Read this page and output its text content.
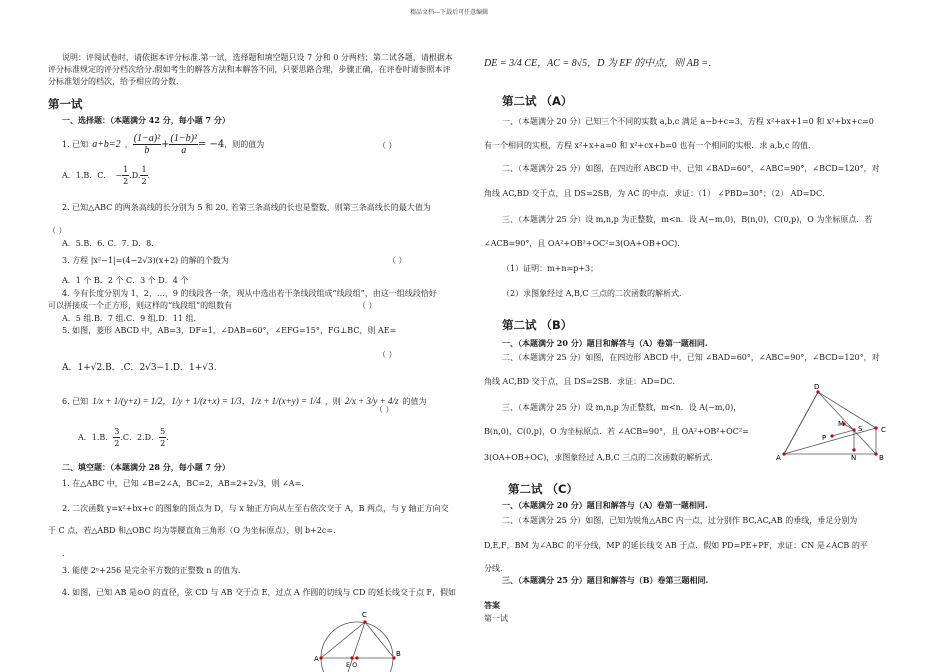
精品文档---下载后可任意编辑
说明：评阅试卷时，请依据本评分标准.第一试，选择题和填空题只设 7 分和 0 分两档；第二试各题，请根据本
评分标准规定的评分档次给分.假如考生的解答方法和本解答不同，只要思路合理，步骤正确，在评卷时请参照本评
分标准划分的档次，给予相应的分数.
第一试
一、选择题：（本题满分 42 分，每小题 7 分）
1. 已知 a+b=2 ， $\frac{\text{(1−a)²}}{b} + \frac{\text{(1−b)²}}{a} = -4$ ，则的值为	（ ）
A．1.B．C． − $\frac{1}{2} .D$. $\frac{1}{2}$ .
2. 已知△ABC 的两条高线的长分别为 5 和 20, 若第三条高线的长也是整数，则第三条高线长的最大值为
（ ）
A．5.B．6. C．7. D．8.
3. 方程 |x²−1|=(4−2√3)(x+2) 的解的个数为	（ ）
A．1 个 B．2 个 C．3 个 D．4 个
4. 今有长度分别为 1，2，…，9 的线段各一条，现从中选出若干条线段组成“线段组”，由这一组线段恰好
可以拼接成一个正方形，则这样的“线段组”的组数有	（ ）
A．5 组.B．7 组.C．9 组.D．11 组.
5. 如图，菱形 ABCD 中，AB=3，DF=1，∠DAB=60°，∠EFG=15°，FG⊥BC，则 AE=
（ ）
A．1+√2.B．.C．2√3−1.D．1+√3.
6. 已知 1/x + 1/(y+z) = 1/2，1/y + 1/(z+x) = 1/3，1/z + 1/(x+y) = 1/4 ，则 2/x + 3/y + 4/z 的值为
（ ）
A．1.B． $\frac{3}{2} .C$．2.D． $\frac{5}{2}$ .
二、填空题：（本题满分 28 分，每小题 7 分）
1. 在△ABC 中，已知 ∠B=2∠A，BC=2，AB=2+2√3，则 ∠A=．
2. 二次函数 y=x²+bx+c 的图象的顶点为 D，与 x 轴正方向从左至右依次交于 A，B 两点，与 y 轴正方向交
于 C 点，若△ABD 和△OBC 均为等腰直角三角形（O 为坐标原点），则 b+2c=．
.
3. 能使 2ⁿ+256 是完全平方数的正整数 n 的值为.
4. 如图，已知 AB 是⊙O 的直径，弦 CD 与 AB 交于点 E，过点 A 作圆的切线与 CD 的延长线交于点 F，假如
C
A
E O
B
DE = 3/4 CE，AC = 8√5，D 为 EF 的中点，则 AB =．
第二试 （A）
一、（本题满分 20 分）已知三个不同的实数 a,b,c 满足 a−b+c=3，方程 x²+ax+1=0 和 x²+bx+c=0
有一个相同的实根，方程 x²+x+a=0 和 x²+cx+b=0 也有一个相同的实根．求 a,b,c 的值.
二、（本题满分 25 分）如图，在四边形 ABCD 中，已知 ∠BAD=60°，∠ABC=90°，∠BCD=120°，对
角线 AC,BD 交于点，且 DS=2SB，为 AC 的中点．求证：（1） ∠PBD=30°；（2） AD=DC．
三、（本题满分 25 分）设 m,n,p 为正整数，m<n．设 A(−m,0)，B(n,0)，C(0,p)，O 为坐标原点．若
∠ACB=90°，且 OA²+OB²+OC²=3(OA+OB+OC)．
（1）证明：m+n=p+3；
（2）求图象经过 A,B,C 三点的二次函数的解析式.
第二试 （B）
一、（本题满分 20 分）题目和解答与（A）卷第一题相同.
二、（本题满分 25 分）如图，在四边形 ABCD 中，已知 ∠BAD=60°，∠ABC=90°，∠BCD=120°，对
角线 AC,BD 交于点，且 DS=2SB．求证：AD=DC．
三、（本题满分 25 分）设 m,n,p 为正整数，m<n．设 A(−m,0)，
B(n,0)，C(0,p)，O 为坐标原点．若 ∠ACB=90°，且 OA²+OB²+OC²=
3(OA+OB+OC)，求图象经过 A,B,C 三点的二次函数的解析式.
D
M
S
P
C
A	N	B
第二试 （C）
一、（本题满分 20 分）题目和解答与（A）卷第一题相同.
二、（本题满分 25 分）如图，已知为锐角△ABC 内一点，过分别作 BC,AC,AB 的垂线，垂足分别为
D,E,F，BM 为∠ABC 的平分线，MP 的延长线交 AB 于点．假如 PD=PE+PF，求证：CN 是∠ACB 的平
分线．
三、（本题满分 25 分）题目和解答与（B）卷第三题相同.
答案
第一试
